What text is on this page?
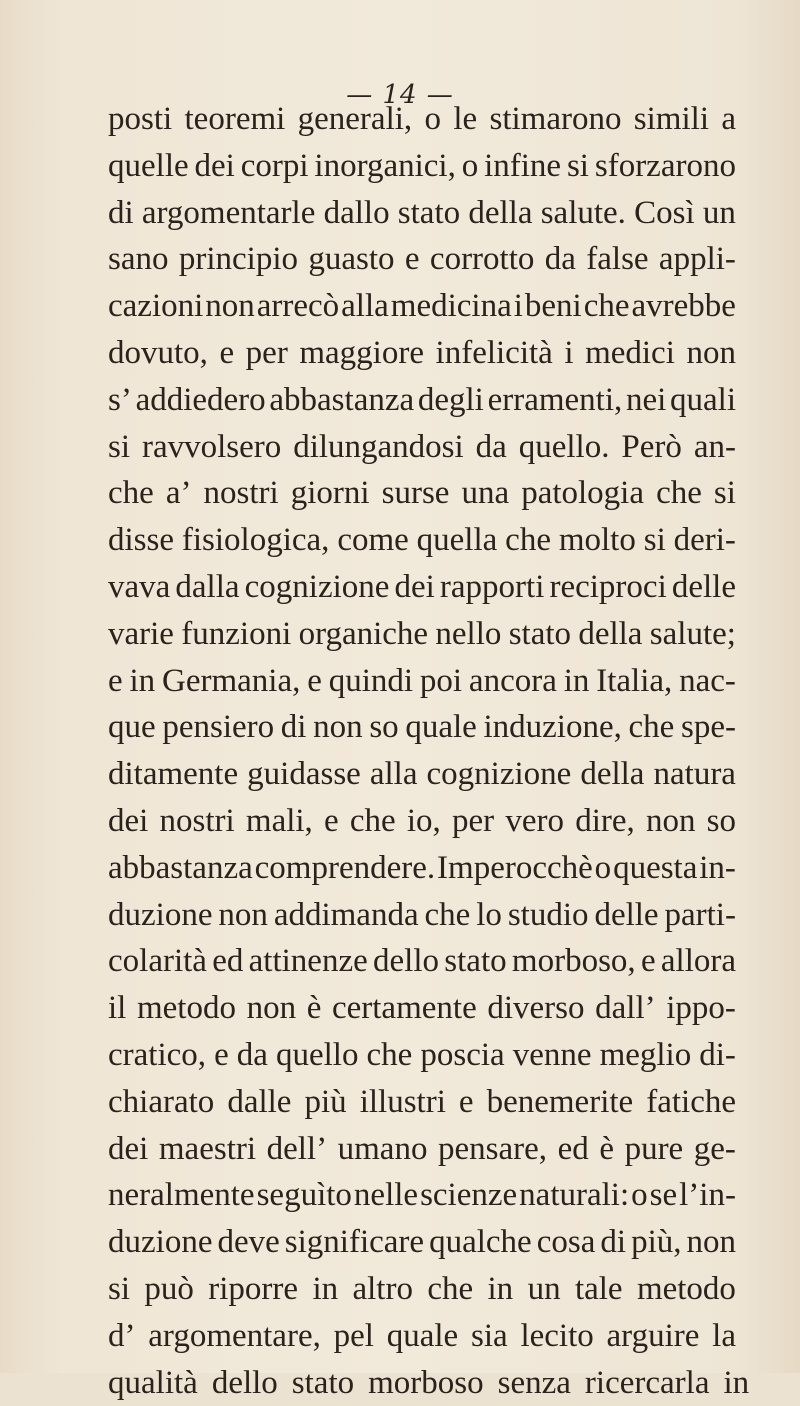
— 14 —
posti teoremi generali, o le stimarono simili a
quelle dei corpi inorganici, o infine si sforzarono
di argomentarle dallo stato della salute. Così un
sano principio guasto e corrotto da false appli-
cazioni non arrecò alla medicina i beni che avrebbe
dovuto, e per maggiore infelicità i medici non
s’ addiedero abbastanza degli erramenti, nei quali
si ravvolsero dilungandosi da quello. Però an-
che a’ nostri giorni surse una patologia che si
disse fisiologica, come quella che molto si deri-
vava dalla cognizione dei rapporti reciproci delle
varie funzioni organiche nello stato della salute;
e in Germania, e quindi poi ancora in Italia, nac-
que pensiero di non so quale induzione, che spe-
ditamente guidasse alla cognizione della natura
dei nostri mali, e che io, per vero dire, non so
abbastanza comprendere. Imperocchè o questa in-
duzione non addimanda che lo studio delle parti-
colarità ed attinenze dello stato morboso, e allora
il metodo non è certamente diverso dall’ ippo-
cratico, e da quello che poscia venne meglio di-
chiarato dalle più illustri e benemerite fatiche
dei maestri dell’ umano pensare, ed è pure ge-
neralmente seguìto nelle scienze naturali: o se l’in-
duzione deve significare qualche cosa di più, non
si può riporre in altro che in un tale metodo
d’ argomentare, pel quale sia lecito arguire la
qualità dello stato morboso senza ricercarla in
